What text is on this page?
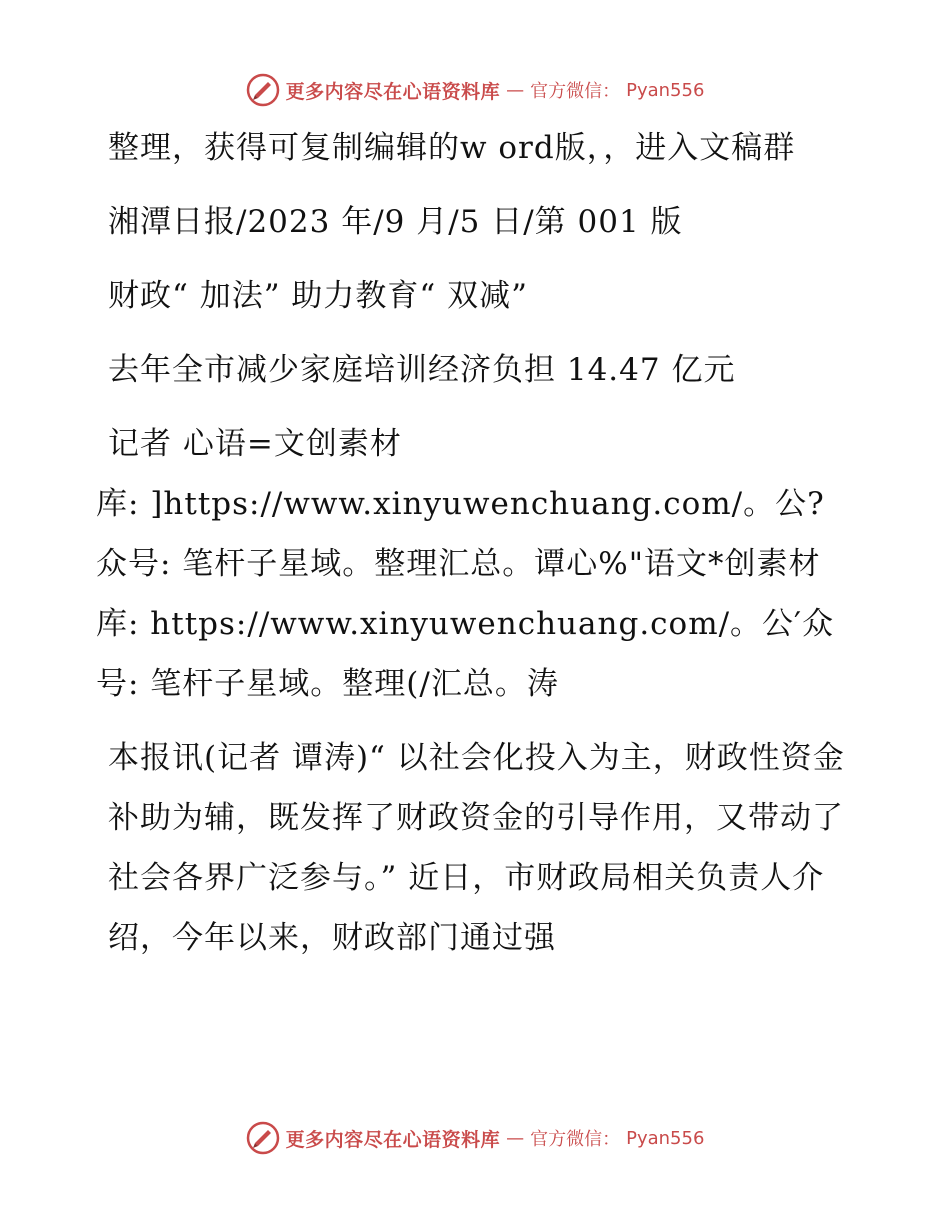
更多内容尽在心语资料库 — 官方微信： Pyan556

整理，获得可复制编辑的w ord版，，进入文稿群

湘潭日报/2023 年/9 月/5 日/第 001 版

财政“ 加法” 助力教育“ 双减”

去年全市减少家庭培训经济负担 14.47 亿元

记者 心语=文创素材

库: ]https://www.xinyuwenchuang.com/。公?众号: 笔杆子星域。整理汇总。谭心%"语文*创素材库: https://www.xinyuwenchuang.com/。公′众号: 笔杆子星域。整理(/汇总。涛

本报讯(记者 谭涛)“ 以社会化投入为主，财政性资金补助为辅，既发挥了财政资金的引导作用，又带动了社会各界广泛参与。” 近日，市财政局相关负责人介绍，今年以来，财政部门通过强

更多内容尽在心语资料库 — 官方微信： Pyan556
